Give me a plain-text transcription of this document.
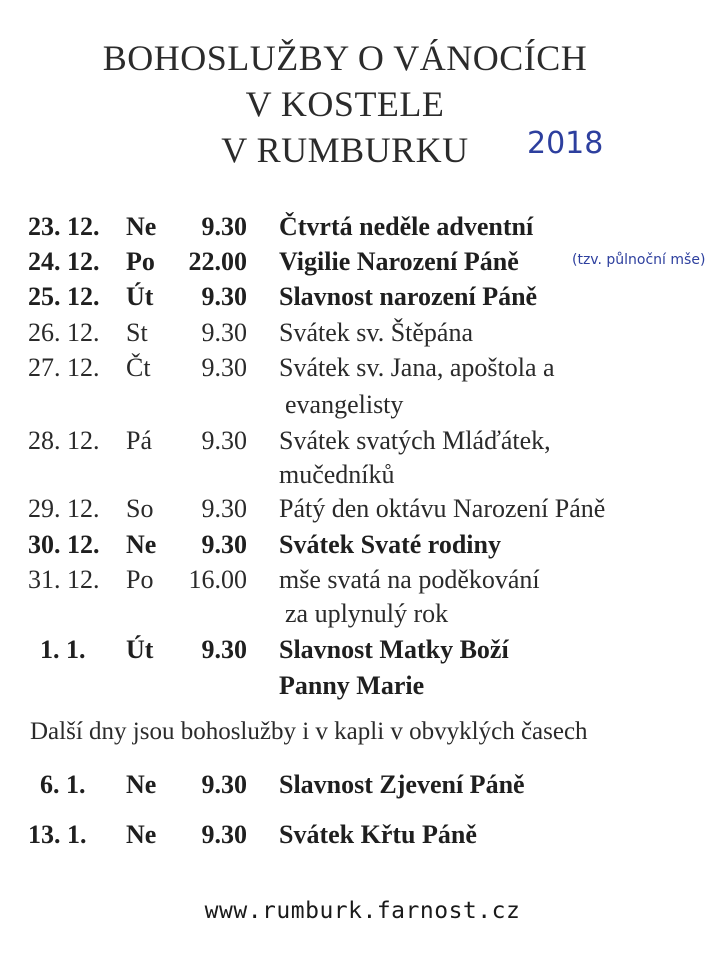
BOHOSLUŽBY O VÁNOCÍCH
V KOSTELE
V RUMBURKU	2018
23. 12. Ne 9.30 Čtvrtá neděle adventní
24. 12. Po 22.00 Vigilie Narození Páně	(tzv. půlnoční mše)
25. 12. Út 9.30 Slavnost narození Páně
26. 12. St 9.30 Svátek sv. Štěpána
27. 12. Čt 9.30 Svátek sv. Jana, apoštola a
evangelisty
28. 12. Pá 9.30 Svátek svatých Mláďátek,
mučedníků
29. 12. So 9.30 Pátý den oktávu Narození Páně
30. 12. Ne 9.30 Svátek Svaté rodiny
31. 12. Po 16.00 mše svatá na poděkování
za uplynulý rok
1. 1. Út 9.30 Slavnost Matky Boží
Panny Marie
Další dny jsou bohoslužby i v kapli v obvyklých časech
6. 1. Ne 9.30 Slavnost Zjevení Páně
13. 1. Ne 9.30 Svátek Křtu Páně
www.rumburk.farnost.cz
